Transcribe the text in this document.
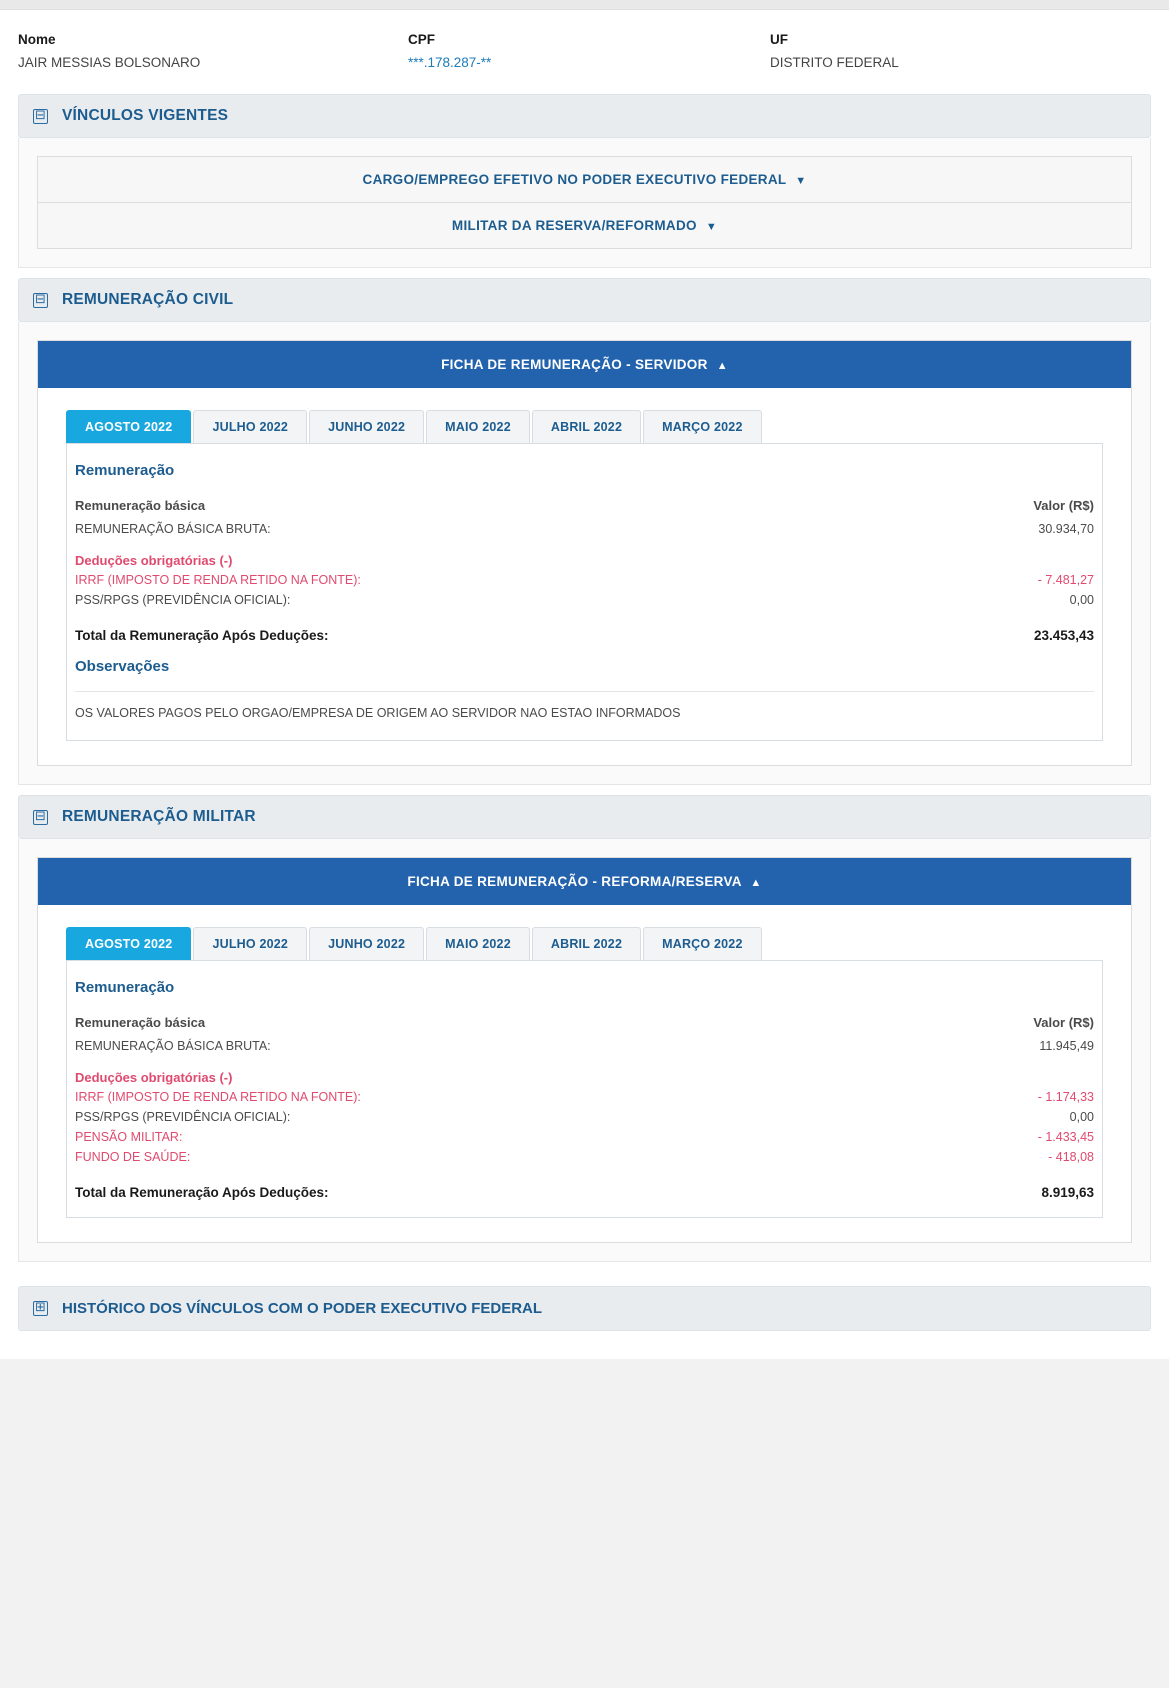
Nome
JAIR MESSIAS BOLSONARO
CPF
***.178.287-**
UF
DISTRITO FEDERAL
⊟ VÍNCULOS VIGENTES
CARGO/EMPREGO EFETIVO NO PODER EXECUTIVO FEDERAL ▼
MILITAR DA RESERVA/REFORMADO ▼
⊟ REMUNERAÇÃO CIVIL
FICHA DE REMUNERAÇÃO - SERVIDOR ▲
AGOSTO 2022	JULHO 2022	JUNHO 2022	MAIO 2022	ABRIL 2022	MARÇO 2022
Remuneração
Remuneração básica	Valor (R$)
REMUNERAÇÃO BÁSICA BRUTA:	30.934,70
Deduções obrigatórias (-)
IRRF (IMPOSTO DE RENDA RETIDO NA FONTE):	- 7.481,27
PSS/RPGS (PREVIDÊNCIA OFICIAL):	0,00
Total da Remuneração Após Deduções:	23.453,43
Observações
OS VALORES PAGOS PELO ORGAO/EMPRESA DE ORIGEM AO SERVIDOR NAO ESTAO INFORMADOS
⊟ REMUNERAÇÃO MILITAR
FICHA DE REMUNERAÇÃO - REFORMA/RESERVA ▲
AGOSTO 2022	JULHO 2022	JUNHO 2022	MAIO 2022	ABRIL 2022	MARÇO 2022
Remuneração
Remuneração básica	Valor (R$)
REMUNERAÇÃO BÁSICA BRUTA:	11.945,49
Deduções obrigatórias (-)
IRRF (IMPOSTO DE RENDA RETIDO NA FONTE):	- 1.174,33
PSS/RPGS (PREVIDÊNCIA OFICIAL):	0,00
PENSÃO MILITAR:	- 1.433,45
FUNDO DE SAÚDE:	- 418,08
Total da Remuneração Após Deduções:	8.919,63
⊞ HISTÓRICO DOS VÍNCULOS COM O PODER EXECUTIVO FEDERAL
